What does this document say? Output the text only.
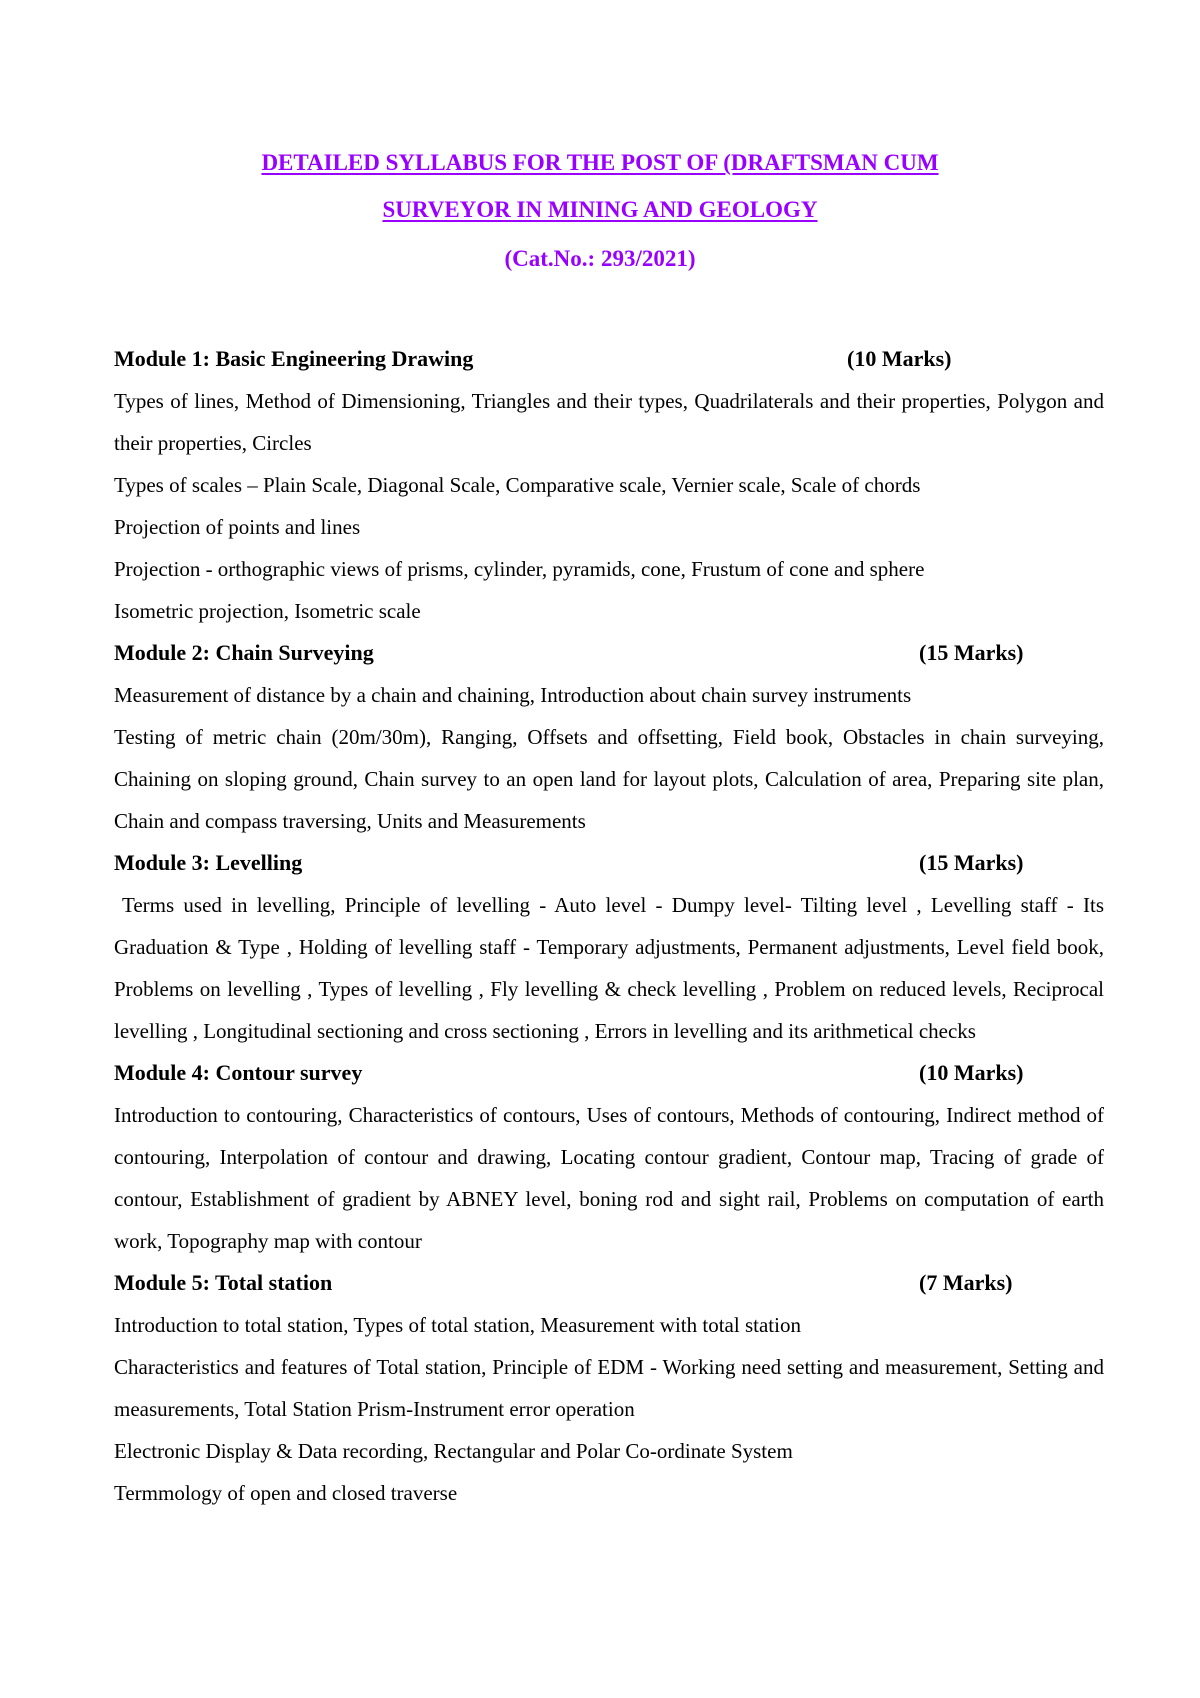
DETAILED SYLLABUS FOR THE POST OF (DRAFTSMAN CUM
SURVEYOR IN MINING AND GEOLOGY
(Cat.No.: 293/2021)
Module 1: Basic Engineering Drawing	(10 Marks)

Types of lines, Method of Dimensioning, Triangles and their types, Quadrilaterals and their properties, Polygon and their properties, Circles

Types of scales – Plain Scale, Diagonal Scale, Comparative scale, Vernier scale, Scale of chords

Projection of points and lines

Projection - orthographic views of prisms, cylinder, pyramids, cone, Frustum of cone and sphere

Isometric projection, Isometric scale

Module 2: Chain Surveying	(15 Marks)

Measurement of distance by a chain and chaining, Introduction about chain survey instruments

Testing of metric chain (20m/30m), Ranging, Offsets and offsetting, Field book, Obstacles in chain surveying, Chaining on sloping ground, Chain survey to an open land for layout plots, Calculation of area, Preparing site plan, Chain and compass traversing, Units and Measurements

Module 3: Levelling	(15 Marks)

Terms used in levelling, Principle of levelling - Auto level - Dumpy level- Tilting level , Levelling staff - Its Graduation & Type , Holding of levelling staff - Temporary adjustments, Permanent adjustments, Level field book, Problems on levelling , Types of levelling , Fly levelling & check levelling , Problem on reduced levels, Reciprocal levelling , Longitudinal sectioning and cross sectioning , Errors in levelling and its arithmetical checks

Module 4: Contour survey	(10 Marks)

Introduction to contouring, Characteristics of contours, Uses of contours, Methods of contouring, Indirect method of contouring, Interpolation of contour and drawing, Locating contour gradient, Contour map, Tracing of grade of contour, Establishment of gradient by ABNEY level, boning rod and sight rail, Problems on computation of earth work, Topography map with contour

Module 5: Total station	(7 Marks)

Introduction to total station, Types of total station, Measurement with total station

Characteristics and features of Total station, Principle of EDM - Working need setting and measurement, Setting and measurements, Total Station Prism-Instrument error operation

Electronic Display & Data recording, Rectangular and Polar Co-ordinate System

Termmology of open and closed traverse
